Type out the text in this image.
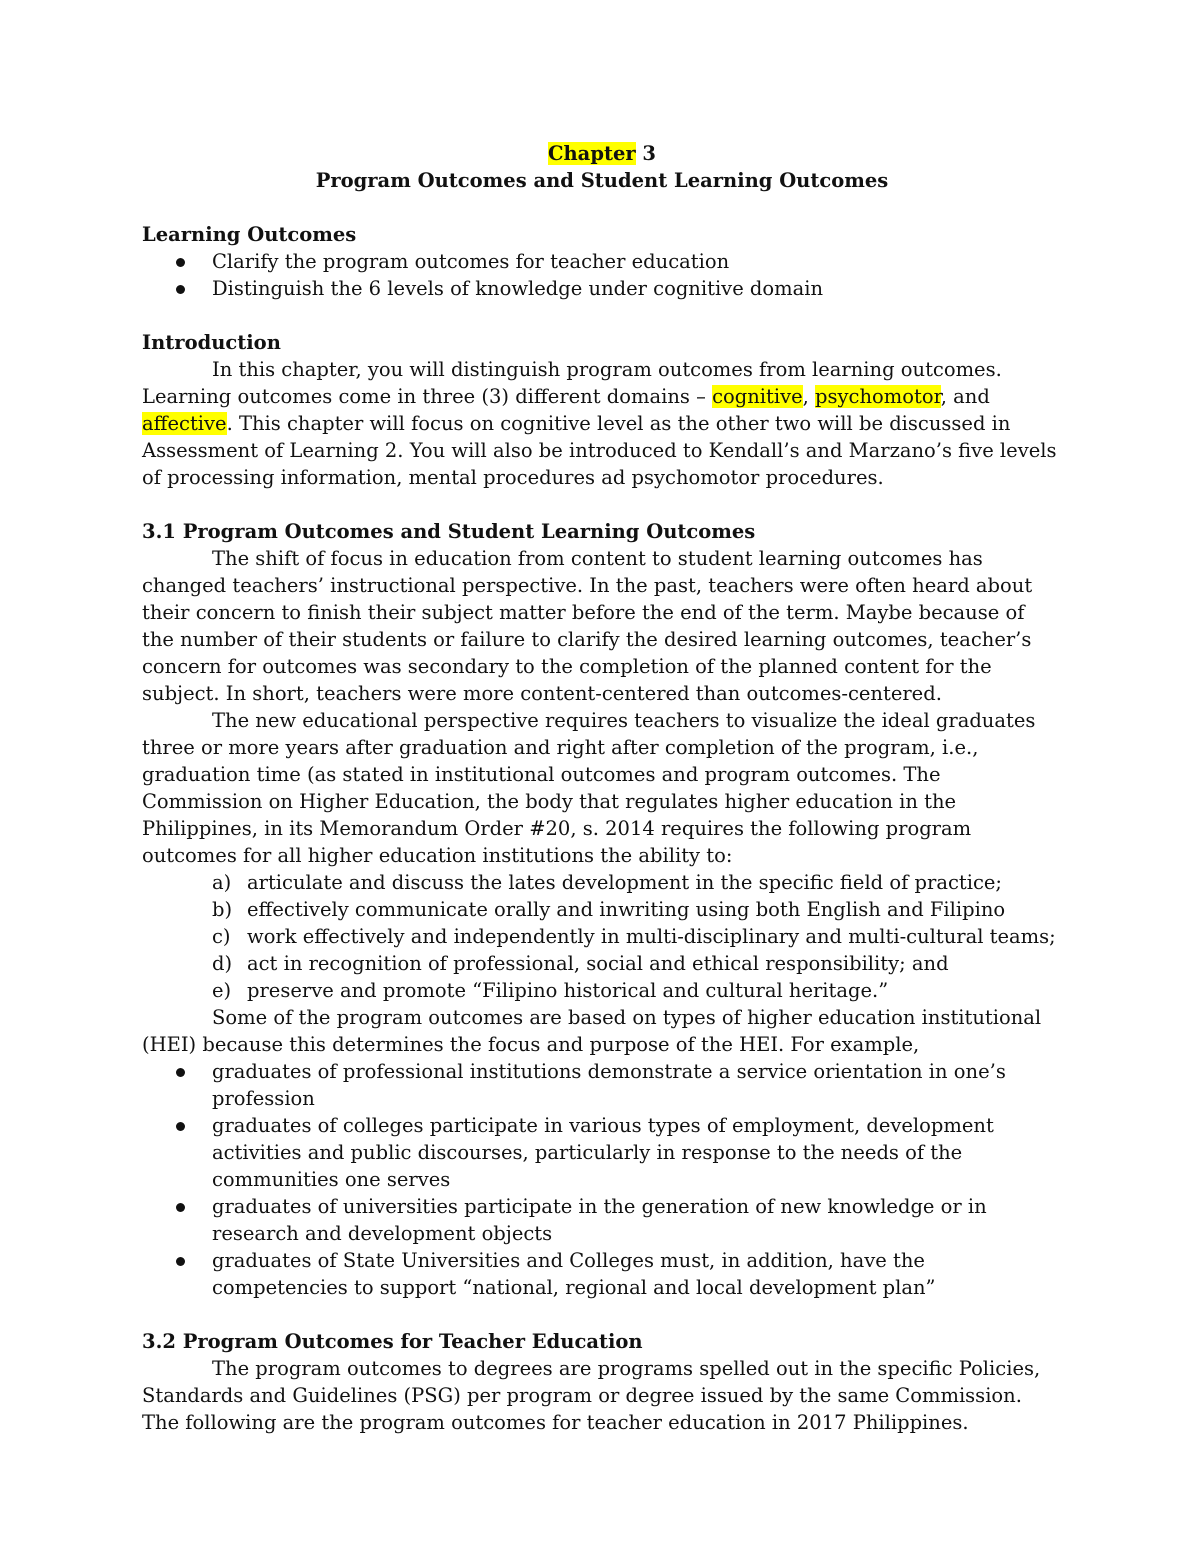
Chapter 3

Program Outcomes and Student Learning Outcomes

Learning Outcomes

Clarify the program outcomes for teacher education
Distinguish the 6 levels of knowledge under cognitive domain

Introduction

In this chapter, you will distinguish program outcomes from learning outcomes. Learning outcomes come in three (3) different domains – cognitive, psychomotor, and affective. This chapter will focus on cognitive level as the other two will be discussed in Assessment of Learning 2. You will also be introduced to Kendall’s and Marzano’s five levels of processing information, mental procedures ad psychomotor procedures.

3.1 Program Outcomes and Student Learning Outcomes

The shift of focus in education from content to student learning outcomes has changed teachers’ instructional perspective. In the past, teachers were often heard about their concern to finish their subject matter before the end of the term. Maybe because of the number of their students or failure to clarify the desired learning outcomes, teacher’s concern for outcomes was secondary to the completion of the planned content for the subject. In short, teachers were more content-centered than outcomes-centered.

The new educational perspective requires teachers to visualize the ideal graduates three or more years after graduation and right after completion of the program, i.e., graduation time (as stated in institutional outcomes and program outcomes. The Commission on Higher Education, the body that regulates higher education in the Philippines, in its Memorandum Order #20, s. 2014 requires the following program outcomes for all higher education institutions the ability to:

a) articulate and discuss the lates development in the specific field of practice;
b) effectively communicate orally and inwriting using both English and Filipino
c) work effectively and independently in multi-disciplinary and multi-cultural teams;
d) act in recognition of professional, social and ethical responsibility; and
e) preserve and promote “Filipino historical and cultural heritage.”

Some of the program outcomes are based on types of higher education institutional (HEI) because this determines the focus and purpose of the HEI. For example,

graduates of professional institutions demonstrate a service orientation in one’s profession
graduates of colleges participate in various types of employment, development activities and public discourses, particularly in response to the needs of the communities one serves
graduates of universities participate in the generation of new knowledge or in research and development objects
graduates of State Universities and Colleges must, in addition, have the competencies to support “national, regional and local development plan”

3.2 Program Outcomes for Teacher Education

The program outcomes to degrees are programs spelled out in the specific Policies, Standards and Guidelines (PSG) per program or degree issued by the same Commission. The following are the program outcomes for teacher education in 2017 Philippines.
